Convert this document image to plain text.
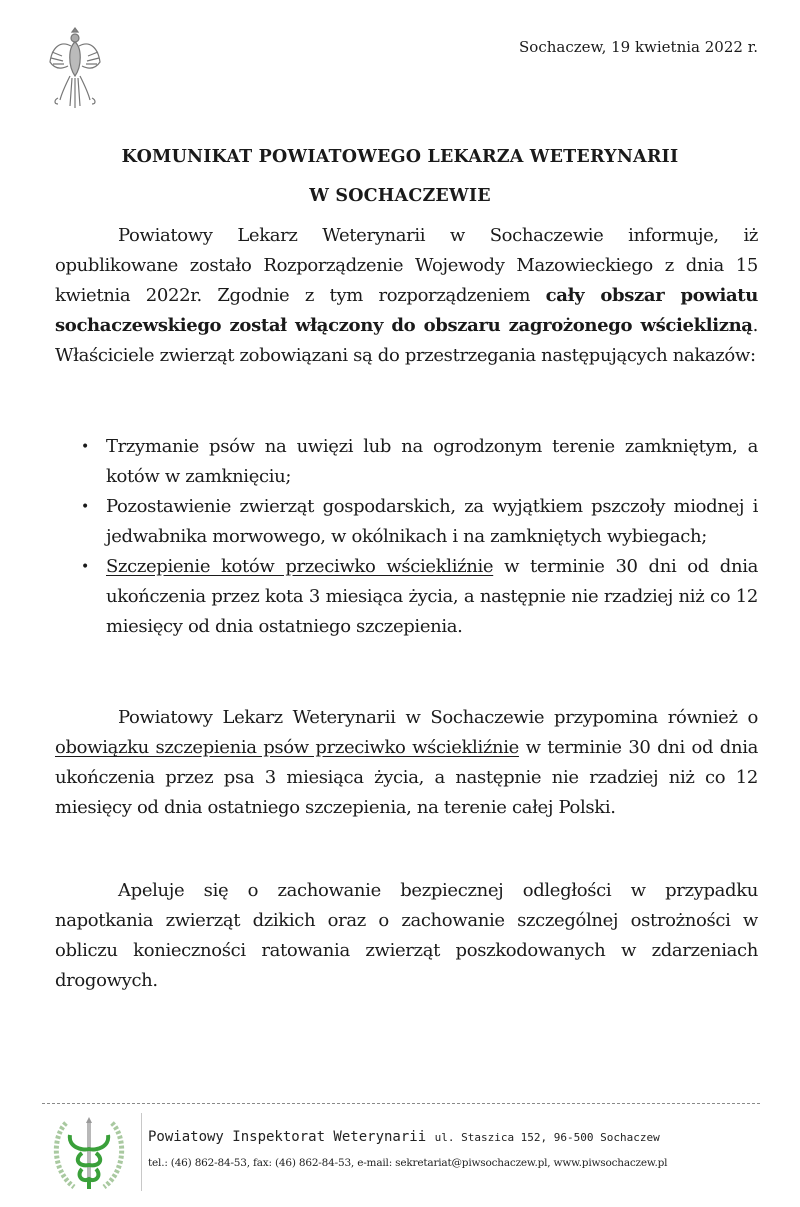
Sochaczew, 19 kwietnia 2022 r.
KOMUNIKAT POWIATOWEGO LEKARZA WETERYNARII
W SOCHACZEWIE
Powiatowy Lekarz Weterynarii w Sochaczewie informuje, iż opublikowane zostało Rozporządzenie Wojewody Mazowieckiego z dnia 15 kwietnia 2022r. Zgodnie z tym rozporządzeniem cały obszar powiatu sochaczewskiego został włączony do obszaru zagrożonego wścieklizną. Właściciele zwierząt zobowiązani są do przestrzegania następujących nakazów:
• Trzymanie psów na uwięzi lub na ogrodzonym terenie zamkniętym, a kotów w zamknięciu;
• Pozostawienie zwierząt gospodarskich, za wyjątkiem pszczoły miodnej i jedwabnika morwowego, w okólnikach i na zamkniętych wybiegach;
• Szczepienie kotów przeciwko wściekliźnie w terminie 30 dni od dnia ukończenia przez kota 3 miesiąca życia, a następnie nie rzadziej niż co 12 miesięcy od dnia ostatniego szczepienia.
Powiatowy Lekarz Weterynarii w Sochaczewie przypomina również o obowiązku szczepienia psów przeciwko wściekliźnie w terminie 30 dni od dnia ukończenia przez psa 3 miesiąca życia, a następnie nie rzadziej niż co 12 miesięcy od dnia ostatniego szczepienia, na terenie całej Polski.
Apeluje się o zachowanie bezpiecznej odległości w przypadku napotkania zwierząt dzikich oraz o zachowanie szczególnej ostrożności w obliczu konieczności ratowania zwierząt poszkodowanych w zdarzeniach drogowych.
Powiatowy Inspektorat Weterynarii ul. Staszica 152, 96-500 Sochaczew
tel.: (46) 862-84-53, fax: (46) 862-84-53, e-mail: sekretariat@piwsochaczew.pl, www.piwsochaczew.pl
